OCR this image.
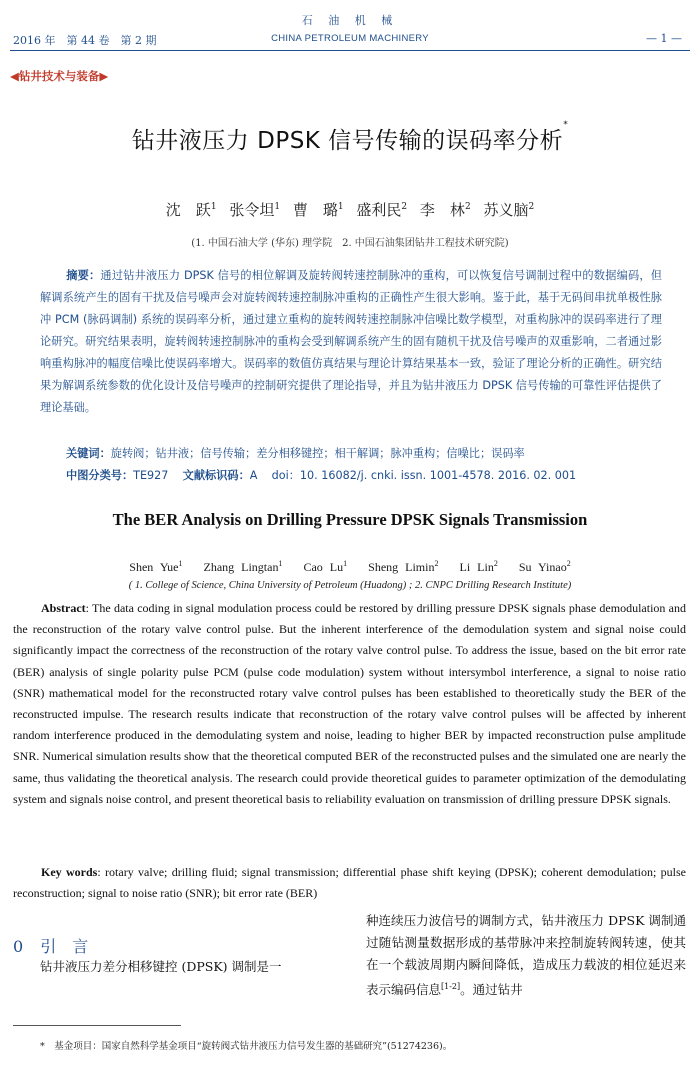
2016 年　第 44 卷　第 2 期
石 油 机 械
CHINA PETROLEUM MACHINERY	— 1 —
◀钻井技术与装备▶
钻井液压力 DPSK 信号传输的误码率分析*
沈　跃$^1$ 张令坦$^1$ 曹　璐$^1$ 盛利民$^2$ 李　林$^2$ 苏义脑$^2$
(1. 中国石油大学 (华东) 理学院　2. 中国石油集团钻井工程技术研究院)
摘要：通过钻井液压力 DPSK 信号的相位解调及旋转阀转速控制脉冲的重构，可以恢复信号调制过程中的数据编码，但解调系统产生的固有干扰及信号噪声会对旋转阀转速控制脉冲重构的正确性产生很大影响。鉴于此，基于无码间串扰单极性脉冲 PCM (脉码调制) 系统的误码率分析，通过建立重构的旋转阀转速控制脉冲信噪比数学模型，对重构脉冲的误码率进行了理论研究。研究结果表明，旋转阀转速控制脉冲的重构会受到解调系统产生的固有随机干扰及信号噪声的双重影响，二者通过影响重构脉冲的幅度信噪比使误码率增大。误码率的数值仿真结果与理论计算结果基本一致，验证了理论分析的正确性。研究结果为解调系统参数的优化设计及信号噪声的控制研究提供了理论指导，并且为钻井液压力 DPSK 信号传输的可靠性评估提供了理论基础。
关键词：旋转阀；钻井液；信号传输；差分相移键控；相干解调；脉冲重构；信噪比；误码率
中图分类号：TE927 文献标识码：A doi：10. 16082/j. cnki. issn. 1001-4578. 2016. 02. 001
The BER Analysis on Drilling Pressure DPSK Signals Transmission
Shen Yue$^1$ Zhang Lingtan$^1$ Cao Lu$^1$ Sheng Limin$^2$ Li Lin$^2$ Su Yinao$^2$
( 1. College of Science, China University of Petroleum (Huadong) ; 2. CNPC Drilling Research Institute)
Abstract: The data coding in signal modulation process could be restored by drilling pressure DPSK signals phase demodulation and the reconstruction of the rotary valve control pulse. But the inherent interference of the demodulation system and signal noise could significantly impact the correctness of the reconstruction of the rotary valve control pulse. To address the issue, based on the bit error rate (BER) analysis of single polarity pulse PCM (pulse code modulation) system without intersymbol interference, a signal to noise ratio (SNR) mathematical model for the reconstructed rotary valve control pulses has been established to theoretically study the BER of the reconstructed impulse. The research results indicate that reconstruction of the rotary valve control pulses will be affected by inherent random interference produced in the demodulating system and noise, leading to higher BER by impacted reconstruction pulse amplitude SNR. Numerical simulation results show that the theoretical computed BER of the reconstructed pulses and the simulated one are nearly the same, thus validating the theoretical analysis. The research could provide theoretical guides to parameter optimization of the demodulating system and signals noise control, and present theoretical basis to reliability evaluation on transmission of drilling pressure DPSK signals.
Key words: rotary valve; drilling fluid; signal transmission; differential phase shift keying (DPSK); coherent demodulation; pulse reconstruction; signal to noise ratio (SNR); bit error rate (BER)
0 引　言
钻井液压力差分相移键控 (DPSK) 调制是一
种连续压力波信号的调制方式，钻井液压力 DPSK 调制通过随钻测量数据形成的基带脉冲来控制旋转阀转速，使其在一个载波周期内瞬间降低，造成压力载波的相位延迟来表示编码信息[1-2]。通过钻井
*　基金项目：国家自然科学基金项目“旋转阀式钻井液压力信号发生器的基础研究”(51274236)。
